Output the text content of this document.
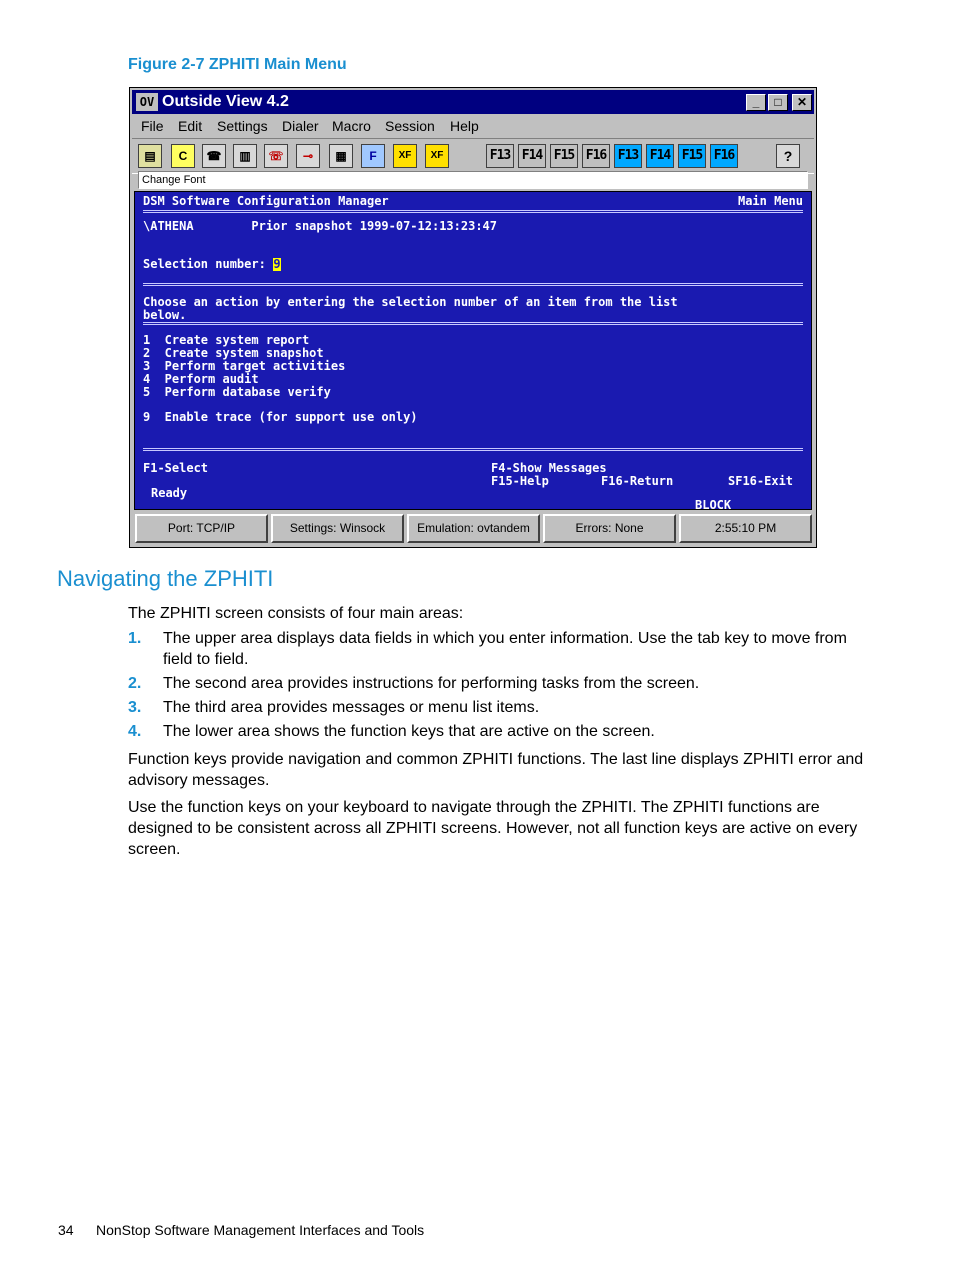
Figure 2-7 ZPHITI Main Menu
OV Outside View 4.2	_	□	✕
File Edit Settings Dialer Macro Session Help
▤	C	☎	▥	☏	⊸	▦	F	XF	XF	F13 F14 F15 F16 F13 F14 F15 F16	?
Change Font
DSM Software Configuration Manager	Main Menu
\ATHENA        Prior snapshot 1999-07-12:13:23:47
Selection number: 9
Choose an action by entering the selection number of an item from the list
below.
1  Create system report
2  Create system snapshot
3  Perform target activities
4  Perform audit
5  Perform database verify
9  Enable trace (for support use only)
F1-Select	F4-Show Messages
F15-Help	F16-Return	SF16-Exit
Ready
BLOCK
Port: TCP/IP	Settings: Winsock	Emulation: ovtandem	Errors: None	2:55:10 PM
Navigating the ZPHITI

The ZPHITI screen consists of four main areas:

1. The upper area displays data fields in which you enter information. Use the tab key to move from field to field.
2. The second area provides instructions for performing tasks from the screen.
3. The third area provides messages or menu list items.
4. The lower area shows the function keys that are active on the screen.

Function keys provide navigation and common ZPHITI functions. The last line displays ZPHITI error and advisory messages.

Use the function keys on your keyboard to navigate through the ZPHITI. The ZPHITI functions are designed to be consistent across all ZPHITI screens. However, not all function keys are active on every screen.

34 NonStop Software Management Interfaces and Tools
